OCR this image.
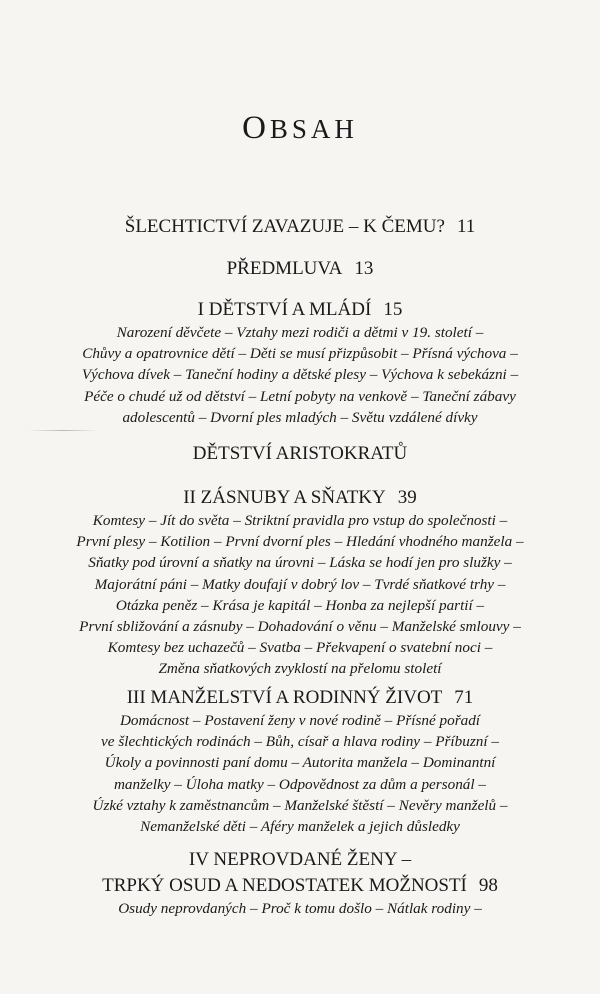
OBSAH
ŠLECHTICTVÍ ZAVAZUJE – K ČEMU? 11
PŘEDMLUVA 13
I DĚTSTVÍ A MLÁDÍ 15
Narození děvčete – Vztahy mezi rodiči a dětmi v 19. století –
Chůvy a opatrovnice dětí – Děti se musí přizpůsobit – Přísná výchova –
Výchova dívek – Taneční hodiny a dětské plesy – Výchova k sebekázni –
Péče o chudé už od dětství – Letní pobyty na venkově – Taneční zábavy
adolescentů – Dvorní ples mladých – Světu vzdálené dívky
DĚTSTVÍ ARISTOKRATŮ
II ZÁSNUBY A SŇATKY 39
Komtesy – Jít do světa – Striktní pravidla pro vstup do společnosti –
První plesy – Kotilion – První dvorní ples – Hledání vhodného manžela –
Sňatky pod úrovní a sňatky na úrovni – Láska se hodí jen pro služky –
Majorátní páni – Matky doufají v dobrý lov – Tvrdé sňatkové trhy –
Otázka peněz – Krása je kapitál – Honba za nejlepší partií –
První sbližování a zásnuby – Dohadování o věnu – Manželské smlouvy –
Komtesy bez uchazečů – Svatba – Překvapení o svatební noci –
Změna sňatkových zvyklostí na přelomu století
III MANŽELSTVÍ A RODINNÝ ŽIVOT 71
Domácnost – Postavení ženy v nové rodině – Přísné pořadí
ve šlechtických rodinách – Bůh, císař a hlava rodiny – Příbuzní –
Úkoly a povinnosti paní domu – Autorita manžela – Dominantní
manželky – Úloha matky – Odpovědnost za dům a personál –
Úzké vztahy k zaměstnancům – Manželské štěstí – Nevěry manželů –
Nemanželské děti – Aféry manželek a jejich důsledky
IV NEPROVDANÉ ŽENY –
TRPKÝ OSUD A NEDOSTATEK MOŽNOSTÍ 98
Osudy neprovdaných – Proč k tomu došlo – Nátlak rodiny –
